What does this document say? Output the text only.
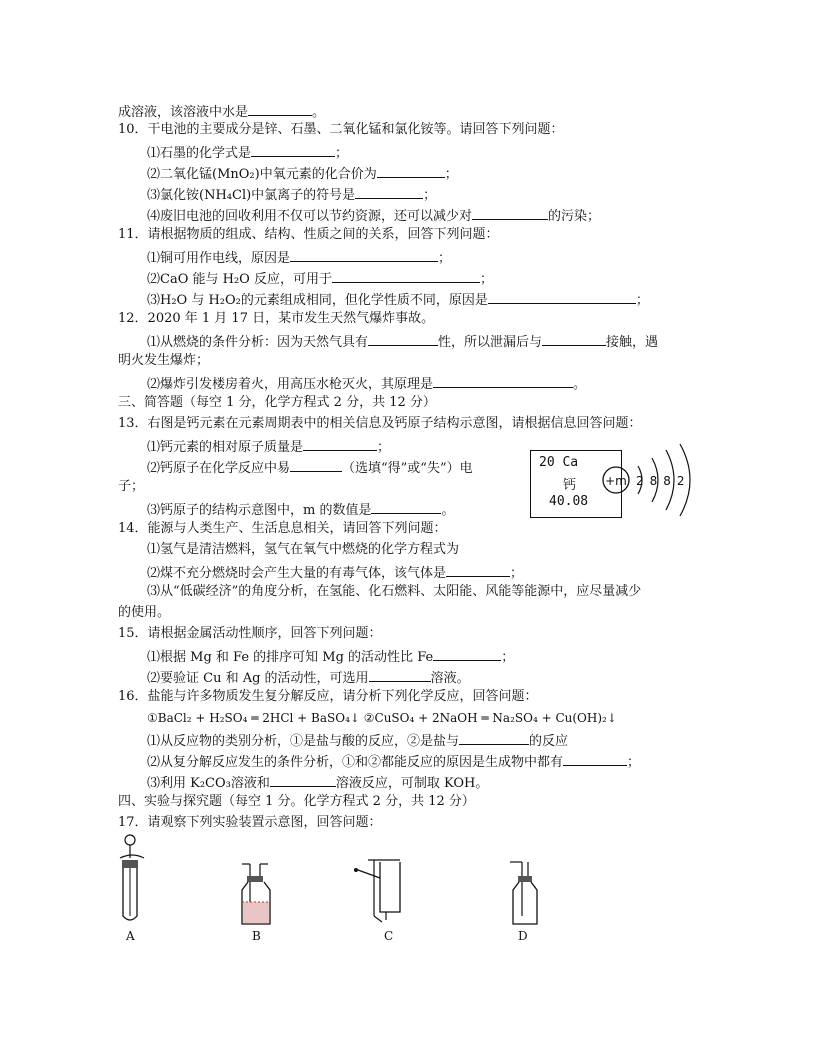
成溶液，该溶液中水是	。
10．干电池的主要成分是锌、石墨、二氧化锰和氯化铵等。请回答下列问题：
⑴石墨的化学式是	；
⑵二氧化锰(MnO₂)中氧元素的化合价为	；
⑶氯化铵(NH₄Cl)中氯离子的符号是	；
⑷废旧电池的回收利用不仅可以节约资源，还可以减少对	的污染；
11．请根据物质的组成、结构、性质之间的关系，回答下列问题：
⑴铜可用作电线，原因是	；
⑵CaO 能与 H₂O 反应，可用于	；
⑶H₂O 与 H₂O₂的元素组成相同，但化学性质不同，原因是	；
12．2020 年 1 月 17 日，某市发生天然气爆炸事故。
⑴从燃烧的条件分析：因为天然气具有	性，所以泄漏后与	接触，遇
明火发生爆炸；
⑵爆炸引发楼房着火，用高压水枪灭火，其原理是	。
三、简答题（每空 1 分，化学方程式 2 分，共 12 分）
13．右图是钙元素在元素周期表中的相关信息及钙原子结构示意图，请根据信息回答问题：
⑴钙元素的相对原子质量是	；
⑵钙原子在化学反应中易	（选填“得”或“失”）电
子；
⑶钙原子的结构示意图中，m 的数值是	。
20 Ca
钙
40.08
+m 2882
14．能源与人类生产、生活息息相关，请回答下列问题：
⑴氢气是清洁燃料，氢气在氧气中燃烧的化学方程式为
⑵煤不充分燃烧时会产生大量的有毒气体，该气体是	；
⑶从“低碳经济”的角度分析，在氢能、化石燃料、太阳能、风能等能源中，应尽量减少
的使用。
15．请根据金属活动性顺序，回答下列问题：
⑴根据 Mg 和 Fe 的排序可知 Mg 的活动性比 Fe	；
⑵要验证 Cu 和 Ag 的活动性，可选用	溶液。
16．盐能与许多物质发生复分解反应，请分析下列化学反应，回答问题：
①BaCl₂ + H₂SO₄ ═ 2HCl + BaSO₄↓ ②CuSO₄ + 2NaOH ═ Na₂SO₄ + Cu(OH)₂↓
⑴从反应物的类别分析，①是盐与酸的反应，②是盐与	的反应
⑵从复分解反应发生的条件分析，①和②都能反应的原因是生成物中都有	；
⑶利用 K₂CO₃溶液和	溶液反应，可制取 KOH。
四、实验与探究题（每空 1 分。化学方程式 2 分，共 12 分）
17．请观察下列实验装置示意图，回答问题：
A	B	C	D
